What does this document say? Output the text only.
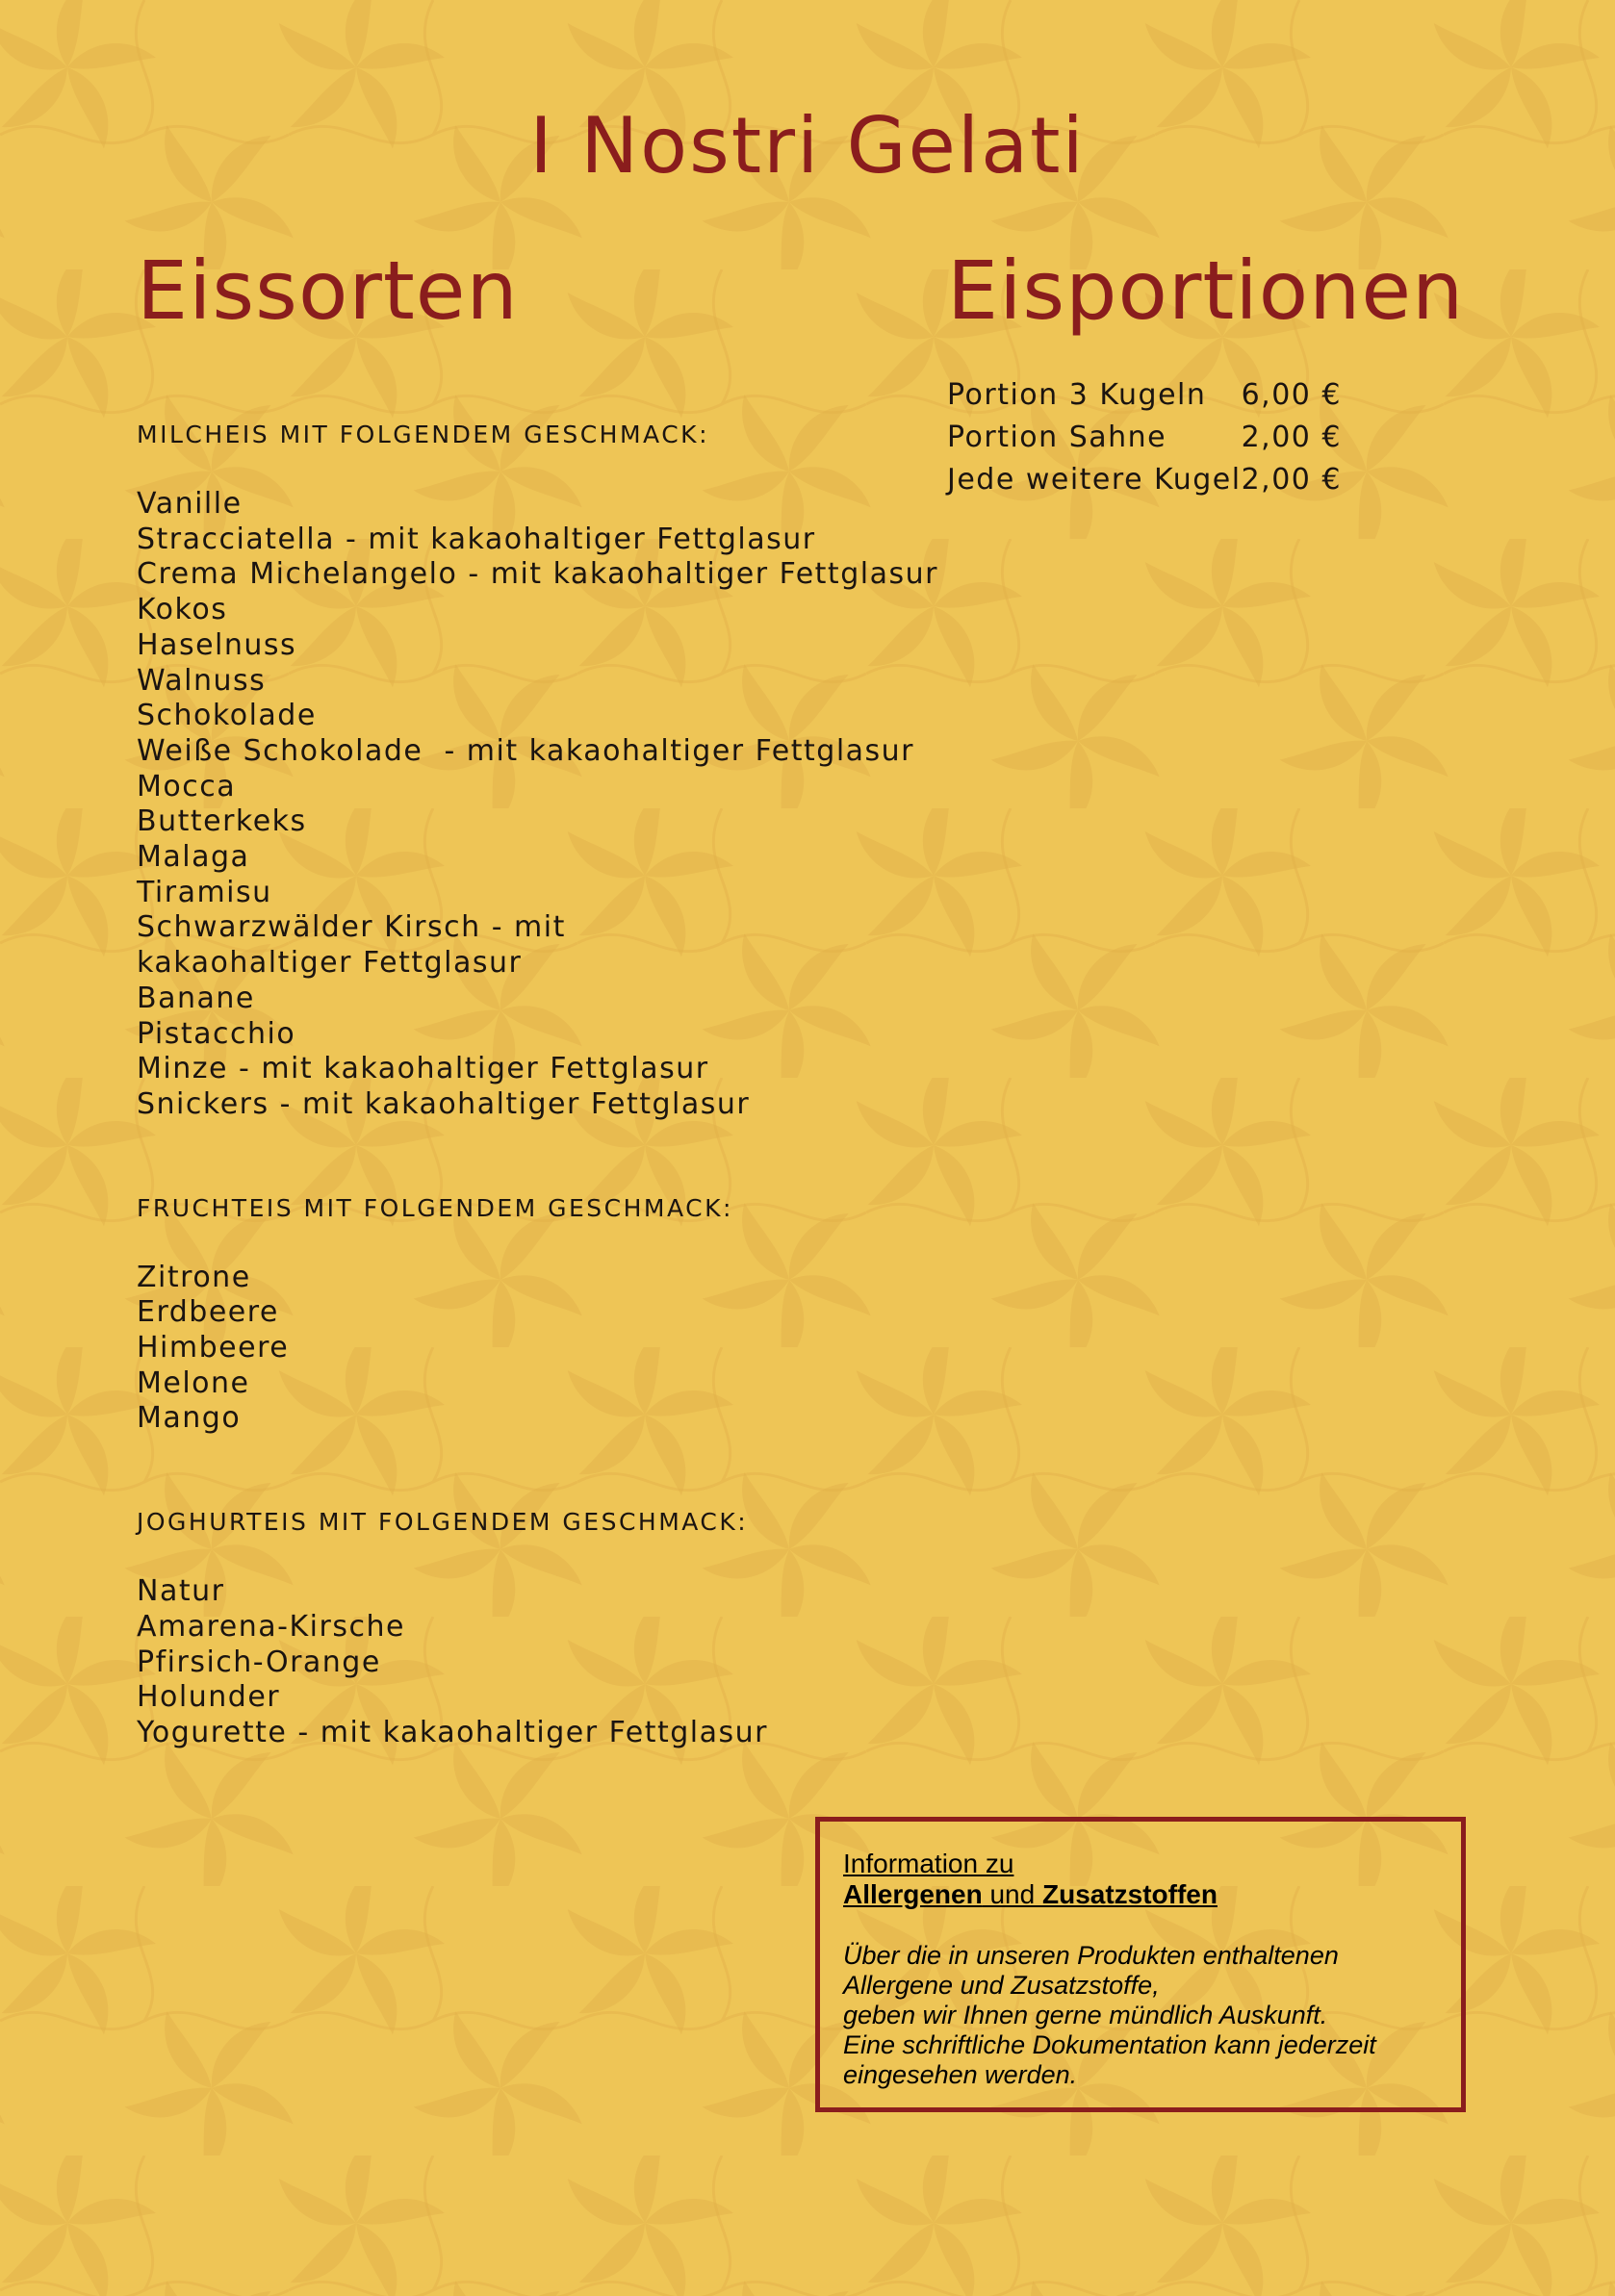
I Nostri Gelati
Eissorten	Eisportionen

MILCHEIS MIT FOLGENDEM GESCHMACK:

Vanille
Stracciatella - mit kakaohaltiger Fettglasur
Crema Michelangelo - mit kakaohaltiger Fettglasur
Kokos
Haselnuss
Walnuss
Schokolade
Weiße Schokolade  - mit kakaohaltiger Fettglasur
Mocca
Butterkeks
Malaga
Tiramisu
Schwarzwälder Kirsch - mit
kakaohaltiger Fettglasur
Banane
Pistacchio
Minze - mit kakaohaltiger Fettglasur
Snickers - mit kakaohaltiger Fettglasur

FRUCHTEIS MIT FOLGENDEM GESCHMACK:

Zitrone
Erdbeere
Himbeere
Melone
Mango

JOGHURTEIS MIT FOLGENDEM GESCHMACK:

Natur
Amarena-Kirsche
Pfirsich-Orange
Holunder
Yogurette - mit kakaohaltiger Fettglasur
Portion 3 Kugeln	6,00 €
Portion Sahne	2,00 €
Jede weitere Kugel	2,00 €

Information zu

Allergenen und Zusatzstoffen

Über die in unseren Produkten enthaltenen
Allergene und Zusatzstoffe,
geben wir Ihnen gerne mündlich Auskunft.
Eine schriftliche Dokumentation kann jederzeit
eingesehen werden.
